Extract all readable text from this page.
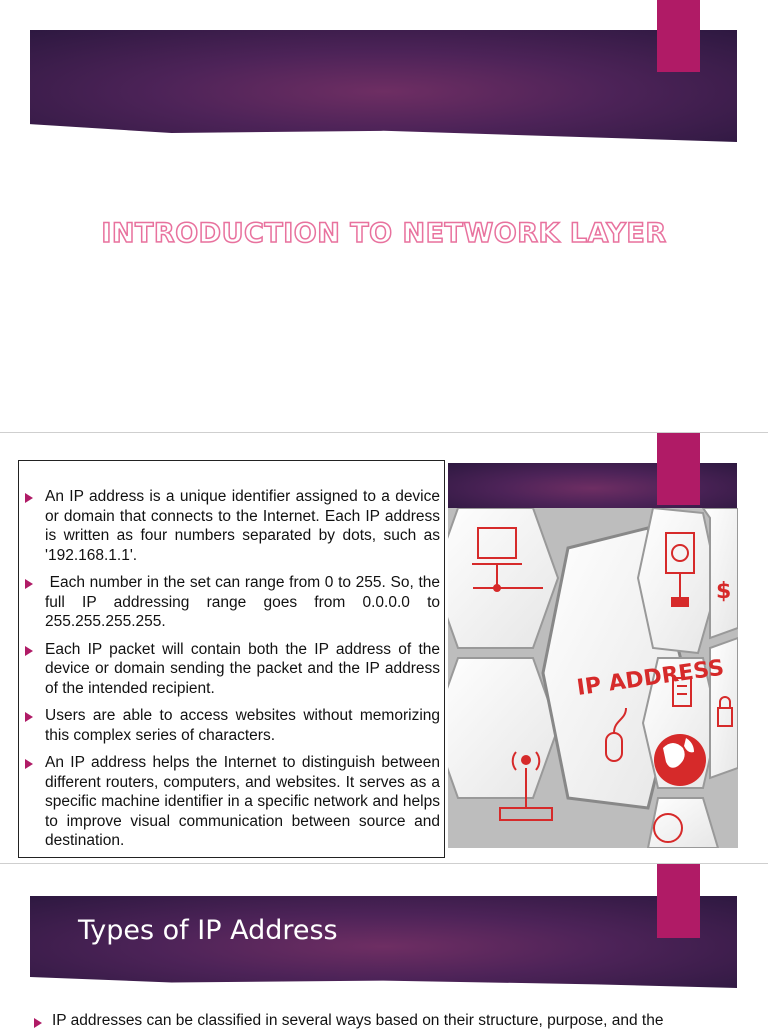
INTRODUCTION TO NETWORK LAYER
An IP address is a unique identifier assigned to a device or domain that connects to the Internet. Each IP address is written as four numbers separated by dots, such as '192.168.1.1'.
Each number in the set can range from 0 to 255. So, the full IP addressing range goes from 0.0.0.0 to 255.255.255.255.
Each IP packet will contain both the IP address of the device or domain sending the packet and the IP address of the intended recipient.
Users are able to access websites without memorizing this complex series of characters.
An IP address helps the Internet to distinguish between different routers, computers, and websites. It serves as a specific machine identifier in a specific network and helps to improve visual communication between source and destination.
IP ADDRESS
$
Types of IP Address
IP addresses can be classified in several ways based on their structure, purpose, and the
